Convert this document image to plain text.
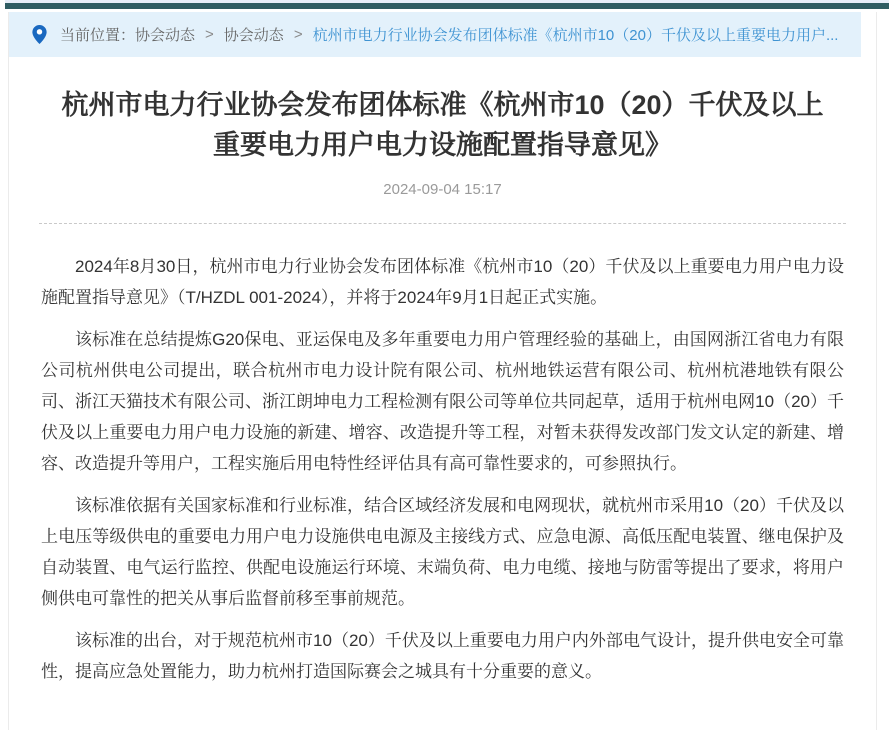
当前位置： 协会动态 > 协会动态 > 杭州市电力行业协会发布团体标准《杭州市10（20）千伏及以上重要电力用户...
杭州市电力行业协会发布团体标准《杭州市10（20）千伏及以上重要电力用户电力设施配置指导意见》
2024-09-04 15:17

2024年8月30日，杭州市电力行业协会发布团体标准《杭州市10（20）千伏及以上重要电力用户电力设施配置指导意见》（T/HZDL 001-2024），并将于2024年9月1日起正式实施。

该标准在总结提炼G20保电、亚运保电及多年重要电力用户管理经验的基础上，由国网浙江省电力有限公司杭州供电公司提出，联合杭州市电力设计院有限公司、杭州地铁运营有限公司、杭州杭港地铁有限公司、浙江天猫技术有限公司、浙江朗坤电力工程检测有限公司等单位共同起草，适用于杭州电网10（20）千伏及以上重要电力用户电力设施的新建、增容、改造提升等工程，对暂未获得发改部门发文认定的新建、增容、改造提升等用户，工程实施后用电特性经评估具有高可靠性要求的，可参照执行。

该标准依据有关国家标准和行业标准，结合区域经济发展和电网现状，就杭州市采用10（20）千伏及以上电压等级供电的重要电力用户电力设施供电电源及主接线方式、应急电源、高低压配电装置、继电保护及自动装置、电气运行监控、供配电设施运行环境、末端负荷、电力电缆、接地与防雷等提出了要求，将用户侧供电可靠性的把关从事后监督前移至事前规范。

该标准的出台，对于规范杭州市10（20）千伏及以上重要电力用户内外部电气设计，提升供电安全可靠性，提高应急处置能力，助力杭州打造国际赛会之城具有十分重要的意义。
